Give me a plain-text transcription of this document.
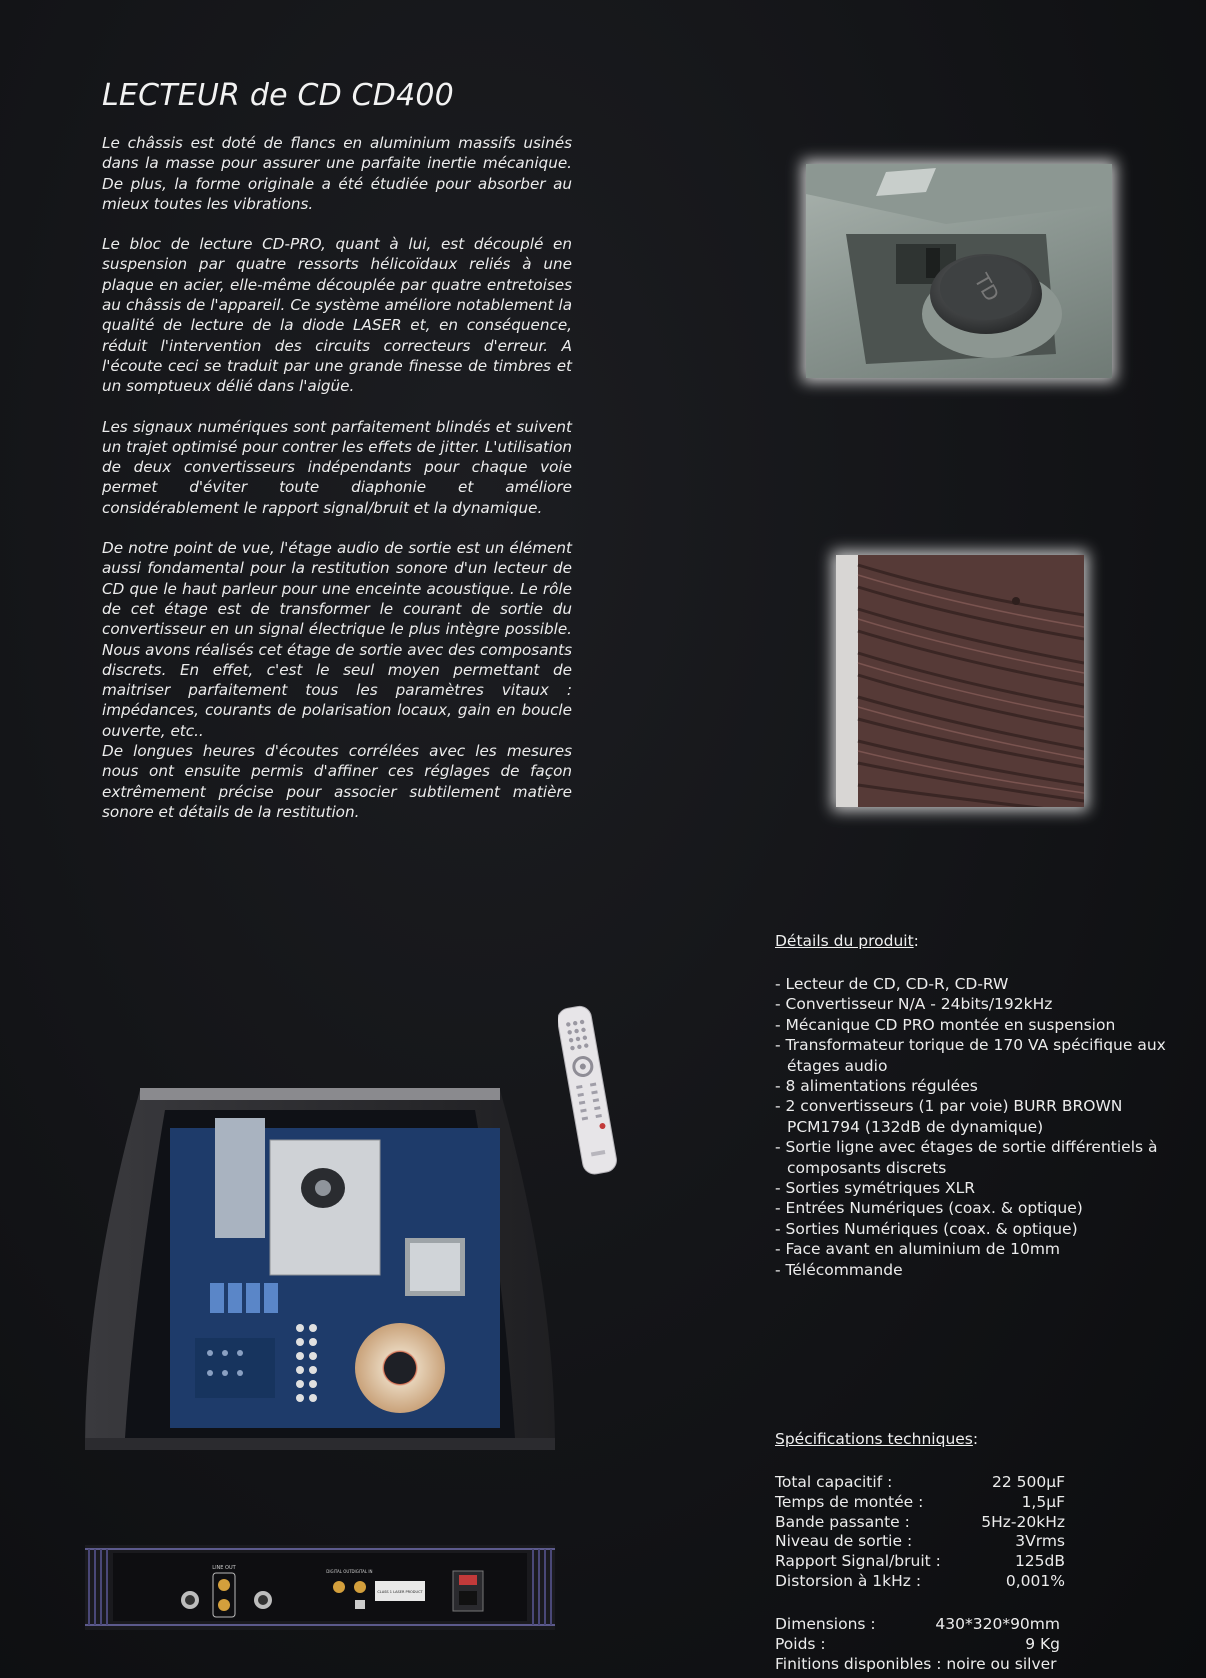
LECTEUR de CD CD400

Le châssis est doté de flancs en aluminium massifs usinés dans la masse pour assurer une parfaite inertie mécanique. De plus, la forme originale a été étudiée pour absorber au mieux toutes les vibrations.

Le bloc de lecture CD-PRO, quant à lui, est découplé en suspension par quatre ressorts hélicoïdaux reliés à une plaque en acier, elle-même découplée par quatre entretoises au châssis de l'appareil. Ce système améliore notablement la qualité de lecture de la diode LASER et, en conséquence, réduit l'intervention des circuits correcteurs d'erreur. A l'écoute ceci se traduit par une grande finesse de timbres et un somptueux délié dans l'aigüe.

Les signaux numériques sont parfaitement blindés et suivent un trajet optimisé pour contrer les effets de jitter. L'utilisation de deux convertisseurs indépendants pour chaque voie permet d'éviter toute diaphonie et améliore considérablement le rapport signal/bruit et la dynamique.

De notre point de vue, l'étage audio de sortie est un élément aussi fondamental pour la restitution sonore d'un lecteur de CD que le haut parleur pour une enceinte acoustique. Le rôle de cet étage est de transformer le courant de sortie du convertisseur en un signal électrique le plus intègre possible. Nous avons réalisés cet étage de sortie avec des composants discrets. En effet, c'est le seul moyen permettant de maitriser parfaitement tous les paramètres vitaux : impédances, courants de polarisation locaux, gain en boucle ouverte, etc..

De longues heures d'écoutes corrélées avec les mesures nous ont ensuite permis d'affiner ces réglages de façon extrêmement précise pour associer subtilement matière sonore et détails de la restitution.

TD
Détails du produit:
- Lecteur de CD, CD-R, CD-RW
- Convertisseur N/A - 24bits/192kHz
- Mécanique CD PRO montée en suspension
- Transformateur torique de 170 VA spécifique aux étages audio
- 8 alimentations régulées
- 2 convertisseurs (1 par voie) BURR BROWN PCM1794 (132dB de dynamique)
- Sortie ligne avec étages de sortie différentiels à composants discrets
- Sorties symétriques XLR
- Entrées Numériques (coax. & optique)
- Sorties Numériques (coax. & optique)
- Face avant en aluminium de 10mm
- Télécommande
LINE OUT
DIGITAL OUT DIGITAL IN
CLASS 1 LASER PRODUCT
Spécifications techniques:
Total capacitif :	22 500µF
Temps de montée :	1,5µF
Bande passante :	5Hz-20kHz
Niveau de sortie :	3Vrms
Rapport Signal/bruit :	125dB
Distorsion à 1kHz :	0,001%
Dimensions :	430*320*90mm
Poids :	9 Kg
Finitions disponibles : noire ou silver
